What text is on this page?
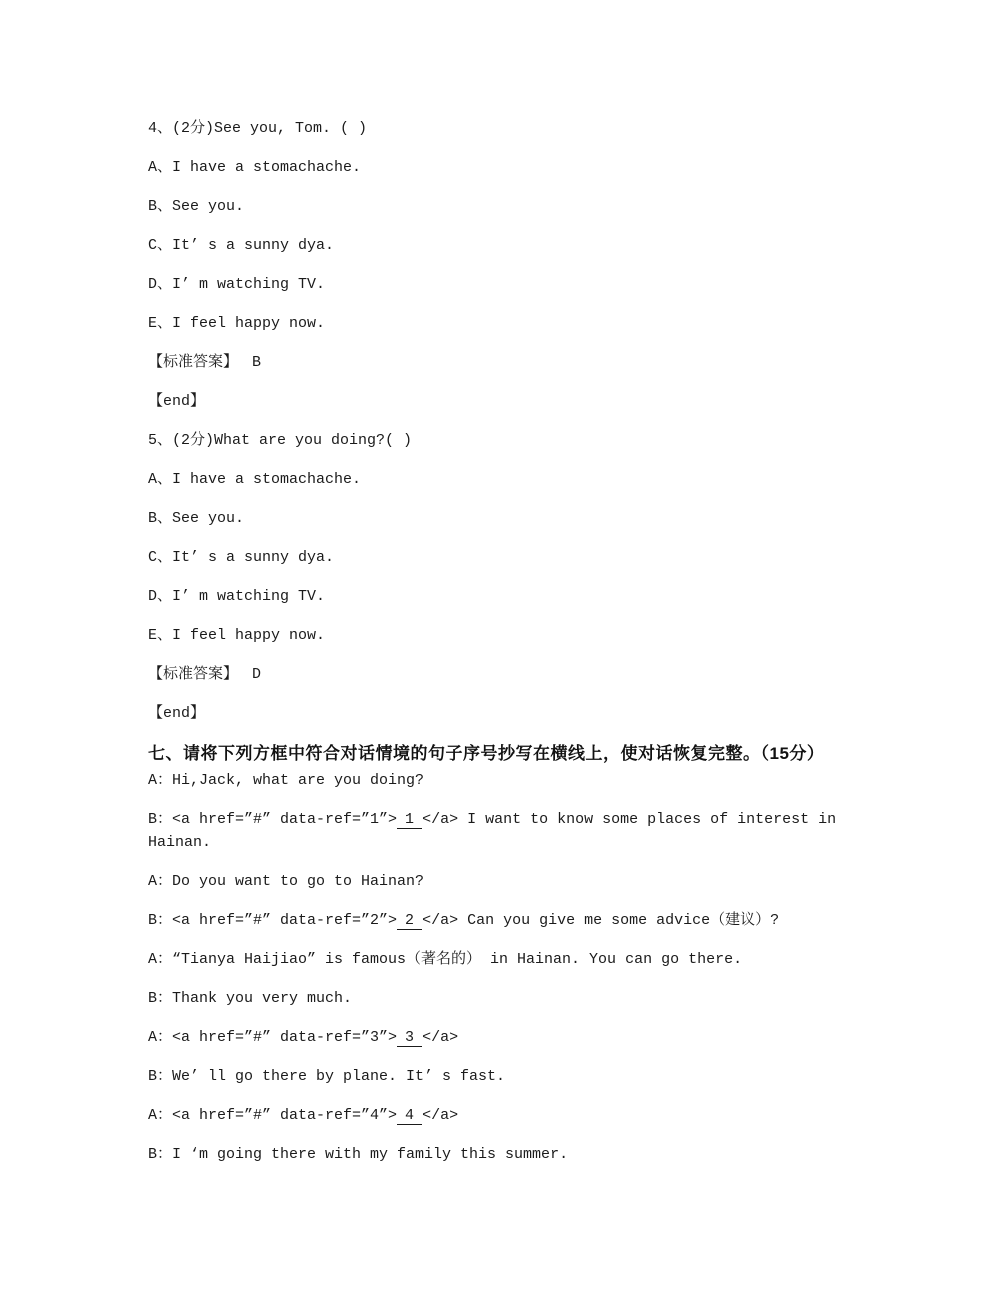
4、(2分)See you, Tom. ( )

A、I have a stomachache.

B、See you.

C、It’ s a sunny dya.

D、I’ m watching TV.

E、I feel happy now.

【标准答案】 B

【end】

5、(2分)What are you doing?( )

A、I have a stomachache.

B、See you.

C、It’ s a sunny dya.

D、I’ m watching TV.

E、I feel happy now.

【标准答案】 D

【end】

七、请将下列方框中符合对话情境的句子序号抄写在横线上，使对话恢复完整。（15分）

A：Hi,Jack, what are you doing?

B：<a href=”#” data-ref=”1”> 1 </a> I want to know some places of interest in Hainan.

A：Do you want to go to Hainan?

B：<a href=”#” data-ref=”2”> 2 </a> Can you give me some advice（建议）?

A：“Tianya Haijiao” is famous（著名的） in Hainan. You can go there.

B：Thank you very much.

A：<a href=”#” data-ref=”3”> 3 </a>

B：We’ ll go there by plane. It’ s fast.

A：<a href=”#” data-ref=”4”> 4 </a>

B：I ‘m going there with my family this summer.
